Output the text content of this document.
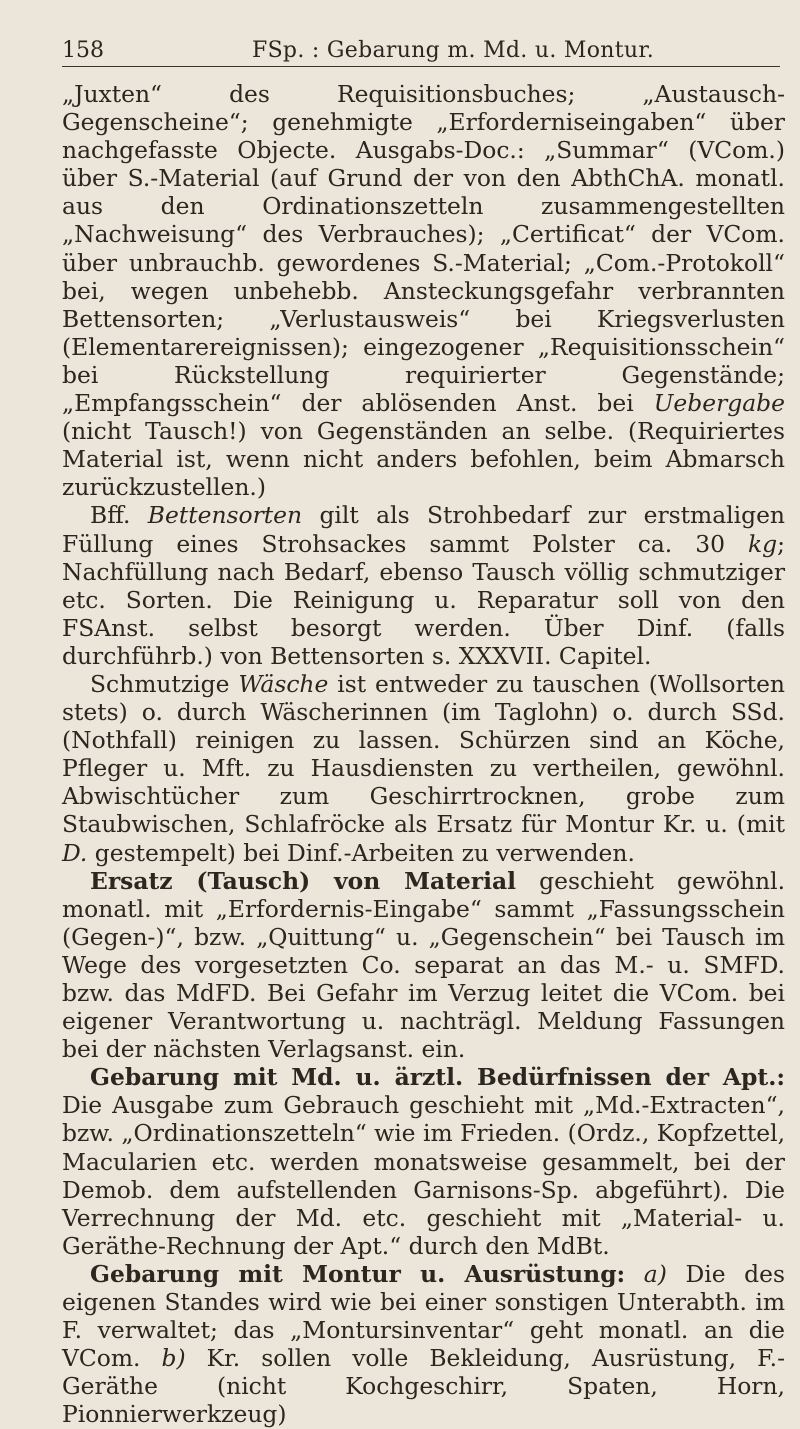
158	FSp. : Gebarung m. Md. u. Montur.

„Juxten“ des Requisitionsbuches; „Austausch-Gegenscheine“; genehmigte „Erforderniseingaben“ über nachgefasste Objecte. Ausgabs-Doc.: „Summar“ (VCom.) über S.-Material (auf Grund der von den AbthChA. monatl. aus den Ordinationszetteln zusammengestellten „Nachweisung“ des Verbrauches); „Certificat“ der VCom. über unbrauchb. gewordenes S.-Material; „Com.-Protokoll“ bei, wegen unbehebb. Ansteckungsgefahr verbrannten Bettensorten; „Verlustausweis“ bei Kriegsverlusten (Elementarereignissen); eingezogener „Requisitionsschein“ bei Rückstellung requirierter Gegenstände; „Empfangsschein“ der ablösenden Anst. bei Uebergabe (nicht Tausch!) von Gegenständen an selbe. (Requiriertes Material ist, wenn nicht anders befohlen, beim Abmarsch zurückzustellen.)

Bff. Bettensorten gilt als Strohbedarf zur erstmaligen Füllung eines Strohsackes sammt Polster ca. 30 kg; Nachfüllung nach Bedarf, ebenso Tausch völlig schmutziger etc. Sorten. Die Reinigung u. Reparatur soll von den FSAnst. selbst besorgt werden. Über Dinf. (falls durchführb.) von Bettensorten s. XXXVII. Capitel.

Schmutzige Wäsche ist entweder zu tauschen (Wollsorten stets) o. durch Wäscherinnen (im Taglohn) o. durch SSd. (Nothfall) reinigen zu lassen. Schürzen sind an Köche, Pfleger u. Mft. zu Hausdiensten zu vertheilen, gewöhnl. Abwischtücher zum Geschirrtrocknen, grobe zum Staubwischen, Schlafröcke als Ersatz für Montur Kr. u. (mit D. gestempelt) bei Dinf.-Arbeiten zu verwenden.

Ersatz (Tausch) von Material geschieht gewöhnl. monatl. mit „Erfordernis-Eingabe“ sammt „Fassungsschein (Gegen-)“, bzw. „Quittung“ u. „Gegenschein“ bei Tausch im Wege des vorgesetzten Co. separat an das M.- u. SMFD. bzw. das MdFD. Bei Gefahr im Verzug leitet die VCom. bei eigener Verantwortung u. nachträgl. Meldung Fassungen bei der nächsten Verlagsanst. ein.

Gebarung mit Md. u. ärztl. Bedürfnissen der Apt.: Die Ausgabe zum Gebrauch geschieht mit „Md.-Extracten“, bzw. „Ordinationszetteln“ wie im Frieden. (Ordz., Kopfzettel, Macularien etc. werden monatsweise gesammelt, bei der Demob. dem aufstellenden Garnisons-Sp. abgeführt). Die Verrechnung der Md. etc. geschieht mit „Material- u. Geräthe-Rechnung der Apt.“ durch den MdBt.

Gebarung mit Montur u. Ausrüstung: a) Die des eigenen Standes wird wie bei einer sonstigen Unterabth. im F. verwaltet; das „Montursinventar“ geht monatl. an die VCom. b) Kr. sollen volle Bekleidung, Ausrüstung, F.-Geräthe (nicht Kochgeschirr, Spaten, Horn, Pionnierwerkzeug)
